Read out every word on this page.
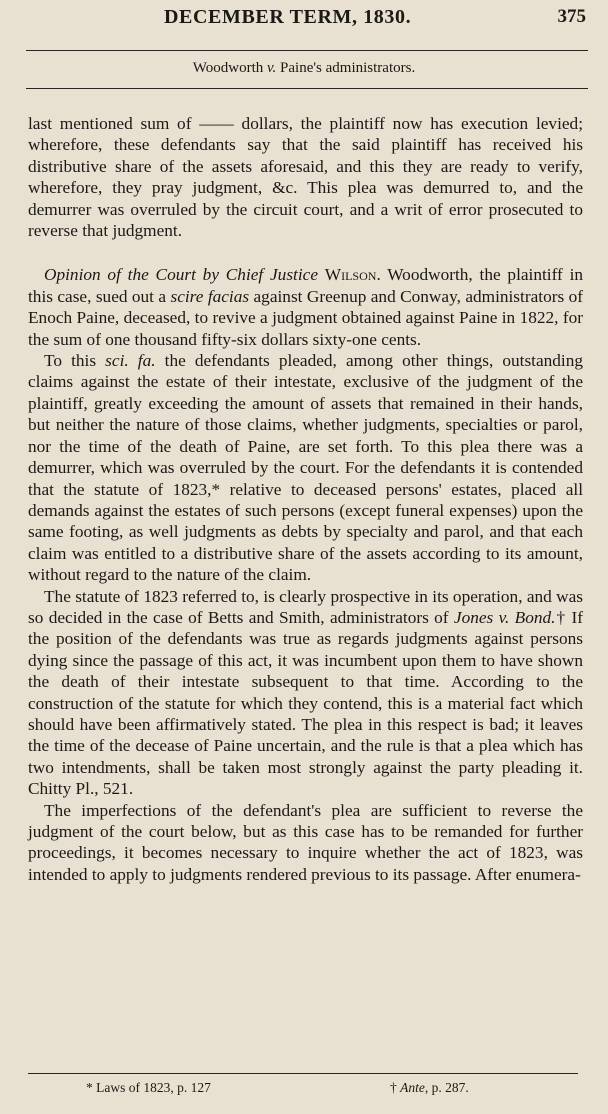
DECEMBER TERM, 1830.	375
Woodworth v. Paine's administrators.

last mentioned sum of —— dollars, the plaintiff now has execution levied; wherefore, these defendants say that the said plaintiff has received his distributive share of the assets aforesaid, and this they are ready to verify, wherefore, they pray judgment, &c. This plea was demurred to, and the demurrer was overruled by the circuit court, and a writ of error prosecuted to reverse that judgment.

Opinion of the Court by Chief Justice Wilson. Woodworth, the plaintiff in this case, sued out a scire facias against Greenup and Conway, administrators of Enoch Paine, deceased, to revive a judgment obtained against Paine in 1822, for the sum of one thousand fifty-six dollars sixty-one cents.

To this sci. fa. the defendants pleaded, among other things, outstanding claims against the estate of their intestate, exclusive of the judgment of the plaintiff, greatly exceeding the amount of assets that remained in their hands, but neither the nature of those claims, whether judgments, specialties or parol, nor the time of the death of Paine, are set forth. To this plea there was a demurrer, which was overruled by the court. For the defendants it is contended that the statute of 1823,* relative to deceased persons' estates, placed all demands against the estates of such persons (except funeral expenses) upon the same footing, as well judgments as debts by specialty and parol, and that each claim was entitled to a distributive share of the assets according to its amount, without regard to the nature of the claim.

The statute of 1823 referred to, is clearly prospective in its operation, and was so decided in the case of Betts and Smith, administrators of Jones v. Bond.† If the position of the defendants was true as regards judgments against persons dying since the passage of this act, it was incumbent upon them to have shown the death of their intestate subsequent to that time. According to the construction of the statute for which they contend, this is a material fact which should have been affirmatively stated. The plea in this respect is bad; it leaves the time of the decease of Paine uncertain, and the rule is that a plea which has two intendments, shall be taken most strongly against the party pleading it. Chitty Pl., 521.

The imperfections of the defendant's plea are sufficient to reverse the judgment of the court below, but as this case has to be remanded for further proceedings, it becomes necessary to inquire whether the act of 1823, was intended to apply to judgments rendered previous to its passage. After enumera-

* Laws of 1823, p. 127	† Ante, p. 287.
